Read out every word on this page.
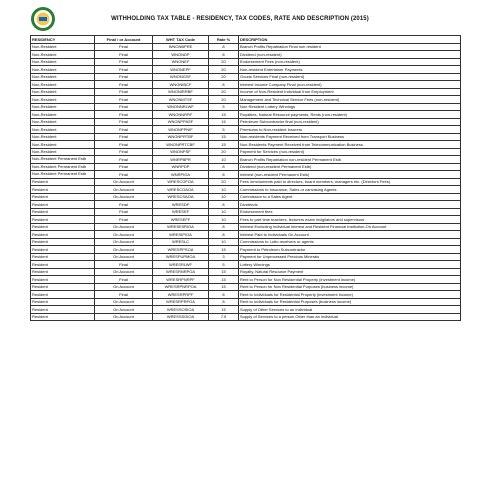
WITHHOLDING TAX TABLE - RESIDENCY, TAX CODES, RATE AND DESCRIPTION (2015)
RESIDENCY	Final / or Account	WHT TAX Code	Rate %	DESCRIPTION
Non-Resident	Final	WNONBPRE	8	Branch Profits Repatriation Final non resident
Non-Resident	Final	WNONDP	8	Dividend (non-resident)
Non-Resident	Final	WNONEF	20	Endorsement Fees (non-resident)
Non-Resident	Final	WNONEPF	20	Non-resident Entertainer Payments
Non-Resident	Final	WNONGSF	20	Goods Services Final (non-resident)
Non-Resident	Final	WNONIBCF	8	Interest Income Company Final (non-resident)
Non-Resident	Final	WNONIRRBF	20	Income of Non-Resident Individual from Employment
Non-Resident	Final	WNONMTSF	20	Management and Technical Service Fees (non-resident)
Non-Resident	Final	WNONNRLWF	5	Non Resident Lottery Winnings
Non-Resident	Final	WNONNRRF	15	Royalties, Natural Resource payments, Rents (non-resident)
Non-Resident	Final	WNONPPASF	15	Petroleum Subcontractor final (non-resident)
Non-Resident	Final	WNONPPNIF	5	Premiums to Non-resident Insurers
Non-Resident	Final	WNONPRTBF	15	Non-residents Payment Received from Transport Business
Non-Resident	Final	WNONPRTCBF	15	Non-Residents Payment Received from Telecommunication Business
Non-Resident	Final	WNONPSF	20	Payment for Services (non-resident)
Non-Resident Permanent Estb	Final	WNRPBPR	10	Branch Profits Repatriation non-resident Permanent Estb
Non-Resident Permanent Estb	Final	WNRPDP	8	Dividend (non-resident Permanent Estb)
Non-Resident Permanent Estb	Final	WNRPIOA	8	Interest (non-resident Permanent Estb)
Resident	On Account	WRESCOFOA	20	Fees /emoluments paid to directors, board members, managers etc. (Directors Fees)
Resident	On Account	WRESCOAOA	10	Commissions to Insurance, Sales or canvasing Agents
Resident	On Account	WRESCSAOA	10	Commission to a Sales Agent
Resident	Final	WRESDF	8	Dividends
Resident	Final	WRESEF	10	Endorsement fees
Resident	Final	WRESEFF	10	Fees to part time teachers, lecturers exam invigilators and supervisors
Resident	On Account	WRESEIIRIOA	8	Interest Excluding Individual Interest and Resident Financial Institution-On Account
Resident	On Account	WRESIPIOA	8	Interest Paid to Individuals On Account
Resident	On Account	WRESLC	10	Commissions to Lotto receivers or agents
Resident	On Account	WRESPPSOA	15	Payment to Petroleum Subcontractor
Resident	On Account	WRESPUPMOA	3	Payment for Unprocessed Precious Minerals
Resident	Final	WRESRLWF	5	Lottery Winnings
Resident	On Account	WRESRNRPOA	15	Royalty, Natural Resource Payment
Resident	Final	WRESRPNRPF	15	Rent to Person for Non Residential Property (investment income)
Resident	On Account	WRESRPNRPOA	15	Rent to Person for Non Residential Purposes (business income)
Resident	Final	WRESRPRPF	8	Rent to Individuals for Residential Property (investment income)
Resident	On Account	WRESRPRPOA	8	Rent to Individuals for Residential Purposes (business income)
Resident	On Account	WRESSOSIOA	15	Supply of Other Services to an Individual
Resident	On Account	WRESSSOIOA	7.5	Supply of Services to a person Other than an Individual
